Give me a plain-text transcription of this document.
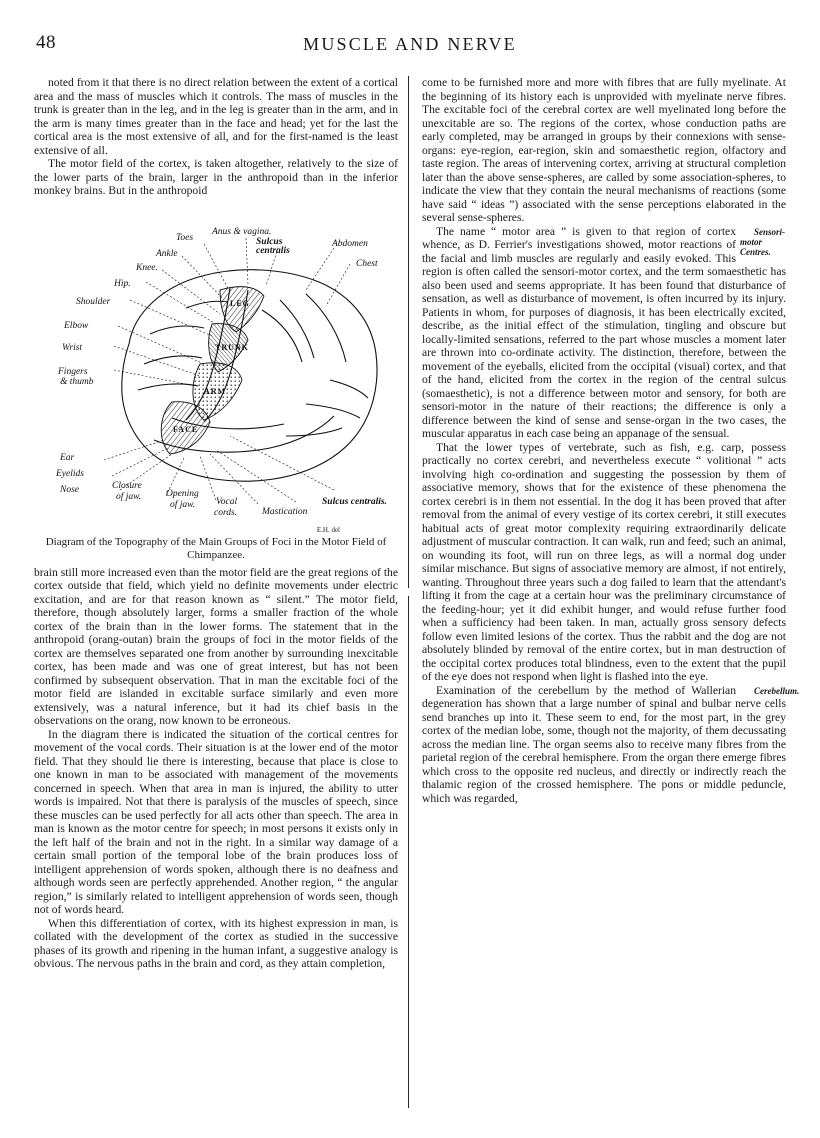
48	MUSCLE AND NERVE

noted from it that there is no direct relation between the extent of a cortical area and the mass of muscles which it controls. The mass of muscles in the trunk is greater than in the leg, and in the leg is greater than in the arm, and in the arm is many times greater than in the face and head; yet for the last the cortical area is the most extensive of all, and for the first-named is the least extensive of all.

The motor field of the cortex, is taken altogether, relatively to the size of the lower parts of the brain, larger in the anthropoid than in the inferior monkey brains. But in the anthropoid

LEG
TRUNK
ARM
FACE
Anus & vagina.
Sulcus
centralis
Abdomen
Chest
Toes
Ankle
Knee.
Hip.
Shoulder
Elbow
Wrist
Fingers
& thumb
Ear
Eyelids
Nose	Closure
of jaw.	Opening
of jaw. Vocal
cords.	Mastication
Sulcus centralis.
E.H. del
Diagram of the Topography of the Main Groups of Foci in the Motor Field of Chimpanzee.

brain still more increased even than the motor field are the great regions of the cortex outside that field, which yield no definite movements under electric excitation, and are for that reason known as “ silent.” The motor field, therefore, though absolutely larger, forms a smaller fraction of the whole cortex of the brain than in the lower forms. The statement that in the anthropoid (orang-outan) brain the groups of foci in the motor fields of the cortex are themselves separated one from another by surrounding inexcitable cortex, has been made and was one of great interest, but has not been confirmed by subsequent observation. That in man the excitable foci of the motor field are islanded in excitable surface similarly and even more extensively, was a natural inference, but it had its chief basis in the observations on the orang, now known to be erroneous.

In the diagram there is indicated the situation of the cortical centres for movement of the vocal cords. Their situation is at the lower end of the motor field. That they should lie there is interesting, because that place is close to one known in man to be associated with management of the movements concerned in speech. When that area in man is injured, the ability to utter words is impaired. Not that there is paralysis of the muscles of speech, since these muscles can be used perfectly for all acts other than speech. The area in man is known as the motor centre for speech; in most persons it exists only in the left half of the brain and not in the right. In a similar way damage of a certain small portion of the temporal lobe of the brain produces loss of intelligent apprehension of words spoken, although there is no deafness and although words seen are perfectly apprehended. Another region, “ the angular region,” is similarly related to intelligent apprehension of words seen, though not of words heard.

When this differentiation of cortex, with its highest expression in man, is collated with the development of the cortex as studied in the successive phases of its growth and ripening in the human infant, a suggestive analogy is obvious. The nervous paths in the brain and cord, as they attain completion,

come to be furnished more and more with fibres that are fully myelinate. At the beginning of its history each is unprovided with myelinate nerve fibres. The excitable foci of the cerebral cortex are well myelinated long before the unexcitable are so. The regions of the cortex, whose conduction paths are early completed, may be arranged in groups by their connexions with sense-organs: eye-region, ear-region, skin and somaesthetic region, olfactory and taste region. The areas of intervening cortex, arriving at structural completion later than the above sense-spheres, are called by some association-spheres, to indicate the view that they contain the neural mechanisms of reactions (some have said “ ideas ”) associated with the sense perceptions elaborated in the several sense-spheres.

Sensori-motor Centres.
The name “ motor area ” is given to that region of cortex whence, as D. Ferrier's investigations showed, motor reactions of the facial and limb muscles are regularly and easily evoked. This region is often called the sensori-motor cortex, and the term somaesthetic has also been used and seems appropriate. It has been found that disturbance of sensation, as well as disturbance of movement, is often incurred by its injury. Patients in whom, for purposes of diagnosis, it has been electrically excited, describe, as the initial effect of the stimulation, tingling and obscure but locally-limited sensations, referred to the part whose muscles a moment later are thrown into co-ordinate activity. The distinction, therefore, between the movement of the eyeballs, elicited from the occipital (visual) cortex, and that of the hand, elicited from the cortex in the region of the central sulcus (somaesthetic), is not a difference between motor and sensory, for both are sensori-motor in the nature of their reactions; the difference is only a difference between the kind of sense and sense-organ in the two cases, the muscular apparatus in each case being an appanage of the sensual.

That the lower types of vertebrate, such as fish, e.g. carp, possess practically no cortex cerebri, and nevertheless execute “ volitional ” acts involving high co-ordination and suggesting the possession by them of associative memory, shows that for the existence of these phenomena the cortex cerebri is in them not essential. In the dog it has been proved that after removal from the animal of every vestige of its cortex cerebri, it still executes habitual acts of great motor complexity requiring extraordinarily delicate adjustment of muscular contraction. It can walk, run and feed; such an animal, on wounding its foot, will run on three legs, as will a normal dog under similar mischance. But signs of associative memory are almost, if not entirely, wanting. Throughout three years such a dog failed to learn that the attendant's lifting it from the cage at a certain hour was the preliminary circumstance of the feeding-hour; yet it did exhibit hunger, and would refuse further food when a sufficiency had been taken. In man, actually gross sensory defects follow even limited lesions of the cortex. Thus the rabbit and the dog are not absolutely blinded by removal of the entire cortex, but in man destruction of the occipital cortex produces total blindness, even to the extent that the pupil of the eye does not respond when light is flashed into the eye.

Cerebellum.
Examination of the cerebellum by the method of Wallerian degeneration has shown that a large number of spinal and bulbar nerve cells send branches up into it. These seem to end, for the most part, in the grey cortex of the median lobe, some, though not the majority, of them decussating across the median line. The organ seems also to receive many fibres from the parietal region of the cerebral hemisphere. From the organ there emerge fibres which cross to the opposite red nucleus, and directly or indirectly reach the thalamic region of the crossed hemisphere. The pons or middle peduncle, which was regarded,
